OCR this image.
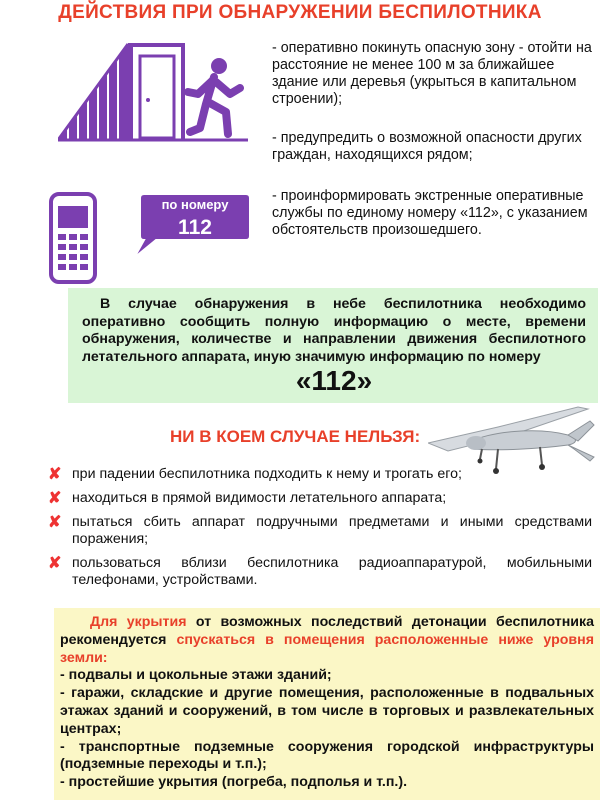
ДЕЙСТВИЯ ПРИ ОБНАРУЖЕНИИ БЕСПИЛОТНИКА
по номеру
112
- оперативно покинуть опасную зону - отойти на расстояние не менее 100 м за ближайшее здание или деревья (укрыться в капитальном строении);
- предупредить о возможной опасности других граждан, находящихся рядом;
- проинформировать экстренные оперативные службы по единому номеру «112», с указанием обстоятельств произошедшего.
В случае обнаружения в небе беспилотника необходимо оперативно сообщить полную информацию о месте, времени обнаружения, количестве и направлении движения беспилотного летательного аппарата, иную значимую информацию по номеру
«112»
НИ В КОЕМ СЛУЧАЕ НЕЛЬЗЯ:
✘ при падении беспилотника подходить к нему и трогать его;
✘ находиться в прямой видимости летательного аппарата;
✘ пытаться сбить аппарат подручными предметами и иными средствами поражения;
✘ пользоваться вблизи беспилотника радиоаппаратурой, мобильными телефонами, устройствами.
Для укрытия от возможных последствий детонации беспилотника рекомендуется спускаться в помещения расположенные ниже уровня земли:
- подвалы и цокольные этажи зданий;
- гаражи, складские и другие помещения, расположенные в подвальных этажах зданий и сооружений, в том числе в торговых и развлекательных центрах;
- транспортные подземные сооружения городской инфраструктуры (подземные переходы и т.п.);
- простейшие укрытия (погреба, подполья и т.п.).
